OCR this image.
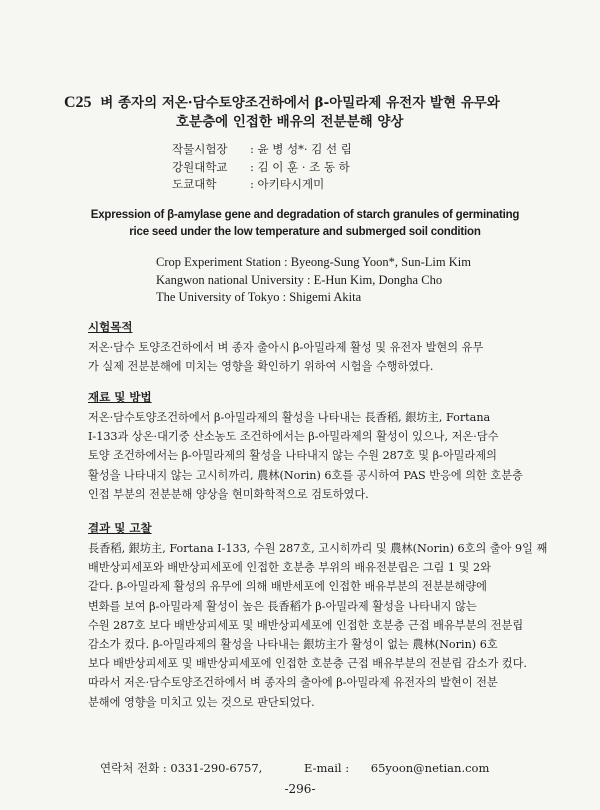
C25 벼 종자의 저온·담수토양조건하에서 β-아밀라제 유전자 발현 유무와
호분층에 인접한 배유의 전분분해 양상
작물시험장 : 윤 병 성*· 김 선 림
강원대학교 : 김 이 훈 · 조 동 하
도쿄대학	: 아키타시게미
Expression of β-amylase gene and degradation of starch granules of germinating
rice seed under the low temperature and submerged soil condition
Crop Experiment Station : Byeong-Sung Yoon*, Sun-Lim Kim
Kangwon national University : E-Hun Kim, Dongha Cho
The University of Tokyo : Shigemi Akita
시험목적

저온·담수 토양조건하에서 벼 종자 출아시 β-아밀라제 활성 및 유전자 발현의 유무

가 실제 전분분해에 미치는 영향을 확인하기 위하여 시험을 수행하였다.

재료 및 방법

저온·담수토양조건하에서 β-아밀라제의 활성을 나타내는 長香稻, 銀坊主, Fortana

I-133과 상온·대기중 산소농도 조건하에서는 β-아밀라제의 활성이 있으나, 저온·담수

토양 조건하에서는 β-아밀라제의 활성을 나타내지 않는 수원 287호 및 β-아밀라제의

활성을 나타내지 않는 고시히까리, 農林(Norin) 6호를 공시하여 PAS 반응에 의한 호분층

인접 부분의 전분분해 양상을 현미화학적으로 검토하였다.

결과 및 고찰

長香稻, 銀坊主, Fortana I-133, 수원 287호, 고시히까리 및 農林(Norin) 6호의 출아 9일 째

배반상피세포와 배반상피세포에 인접한 호분층 부위의 배유전분립은 그림 1 및 2와

같다. β-아밀라제 활성의 유무에 의해 배반세포에 인접한 배유부분의 전분분해량에

변화를 보여 β-아밀라제 활성이 높은 長香稻가 β-아밀라제 활성을 나타내지 않는

수원 287호 보다 배반상피세포 및 배반상피세포에 인접한 호분층 근접 배유부분의 전분립

감소가 컸다. β-아밀라제의 활성을 나타내는 銀坊主가 활성이 없는 農林(Norin) 6호

보다 배반상피세포 및 배반상피세포에 인접한 호분층 근접 배유부분의 전분립 감소가 컸다.

따라서 저온·담수토양조건하에서 벼 종자의 출아에 β-아밀라제 유전자의 발현이 전분

분해에 영향을 미치고 있는 것으로 판단되었다.

연락처 전화 : 0331-290-6757,	E-mail : 65yoon@netian.com
-296-
